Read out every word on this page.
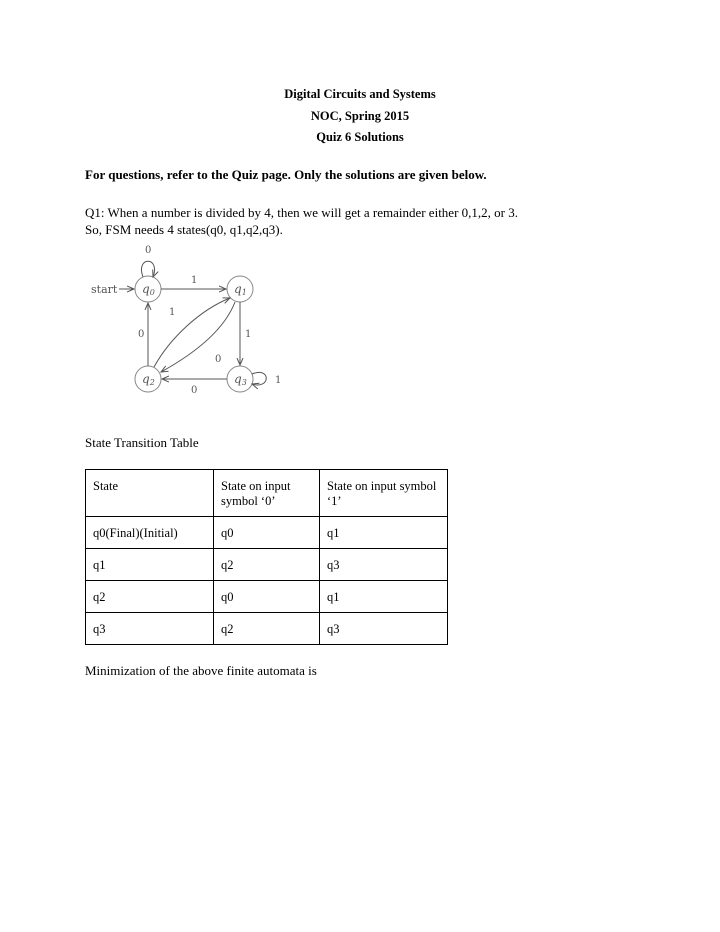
Digital Circuits and Systems
NOC, Spring 2015
Quiz 6 Solutions
For questions, refer to the Quiz page. Only the solutions are given below.
Q1: When a number is divided by 4, then we will get a remainder either 0,1,2, or 3.
So, FSM needs 4 states(q0, q1,q2,q3).
start q0	q1
q2	q3
0
1
1
0	1
0
0
1
State Transition Table
State	State on input symbol ‘0’	State on input symbol ‘1’
q0(Final)(Initial)	q0	q1
q1	q2	q3
q2	q0	q1
q3	q2	q3
Minimization of the above finite automata is
